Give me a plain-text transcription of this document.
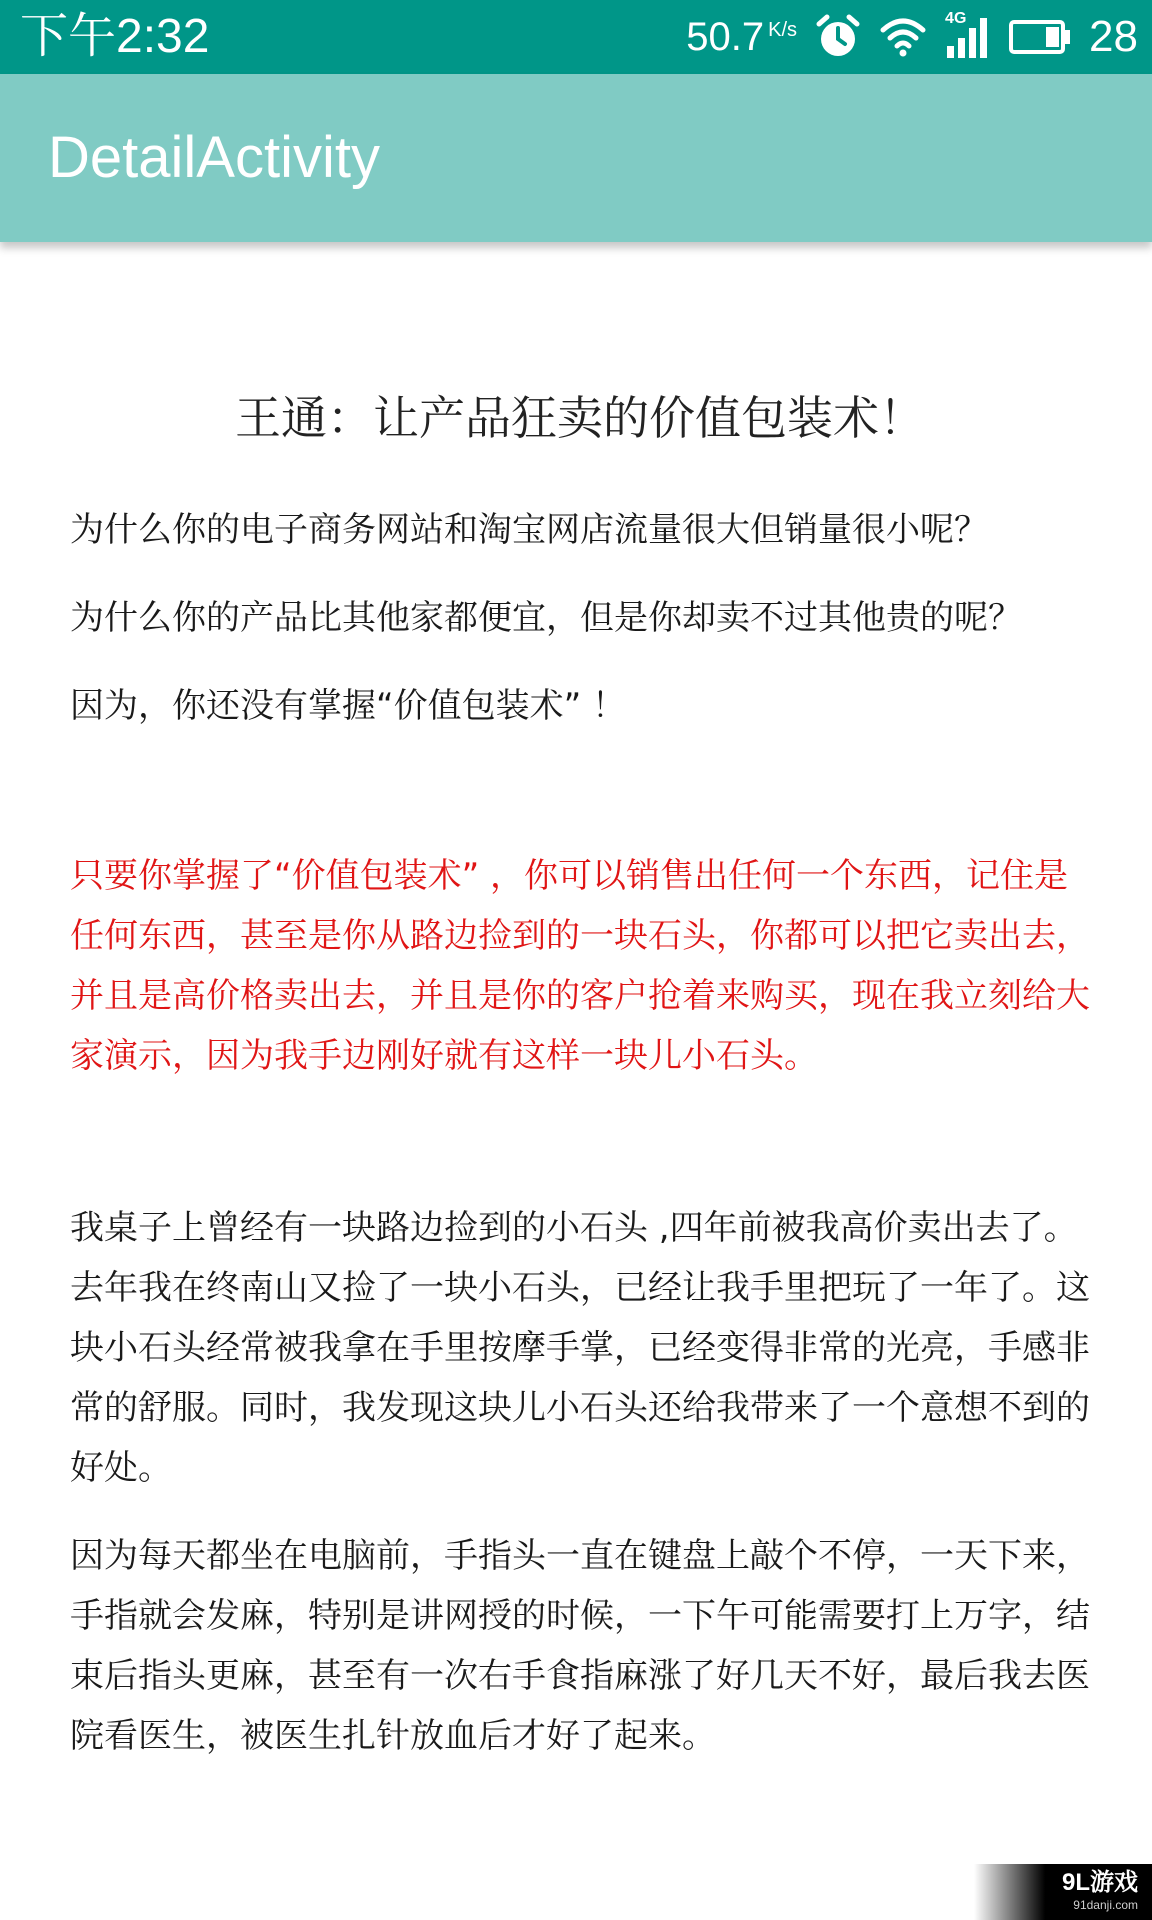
下午2:32	50.7 K/s	4G	28
DetailActivity
王通：让产品狂卖的价值包装术！

为什么你的电子商务网站和淘宝网店流量很大但销量很小呢？

为什么你的产品比其他家都便宜，但是你却卖不过其他贵的呢？

因为，你还没有掌握“价值包装术” ！

只要你掌握了“价值包装术” ，你可以销售出任何一个东西，记住是任何东西，甚至是你从路边捡到的一块石头，你都可以把它卖出去，并且是高价格卖出去，并且是你的客户抢着来购买，现在我立刻给大家演示，因为我手边刚好就有这样一块儿小石头。

我桌子上曾经有一块路边捡到的小石头 ,四年前被我高价卖出去了。去年我在终南山又捡了一块小石头，已经让我手里把玩了一年了。这块小石头经常被我拿在手里按摩手掌，已经变得非常的光亮，手感非常的舒服。同时，我发现这块儿小石头还给我带来了一个意想不到的好处。

因为每天都坐在电脑前，手指头一直在键盘上敲个不停，一天下来，手指就会发麻，特别是讲网授的时候，一下午可能需要打上万字，结束后指头更麻，甚至有一次右手食指麻涨了好几天不好，最后我去医院看医生，被医生扎针放血后才好了起来。

9L游戏
91danji.com
